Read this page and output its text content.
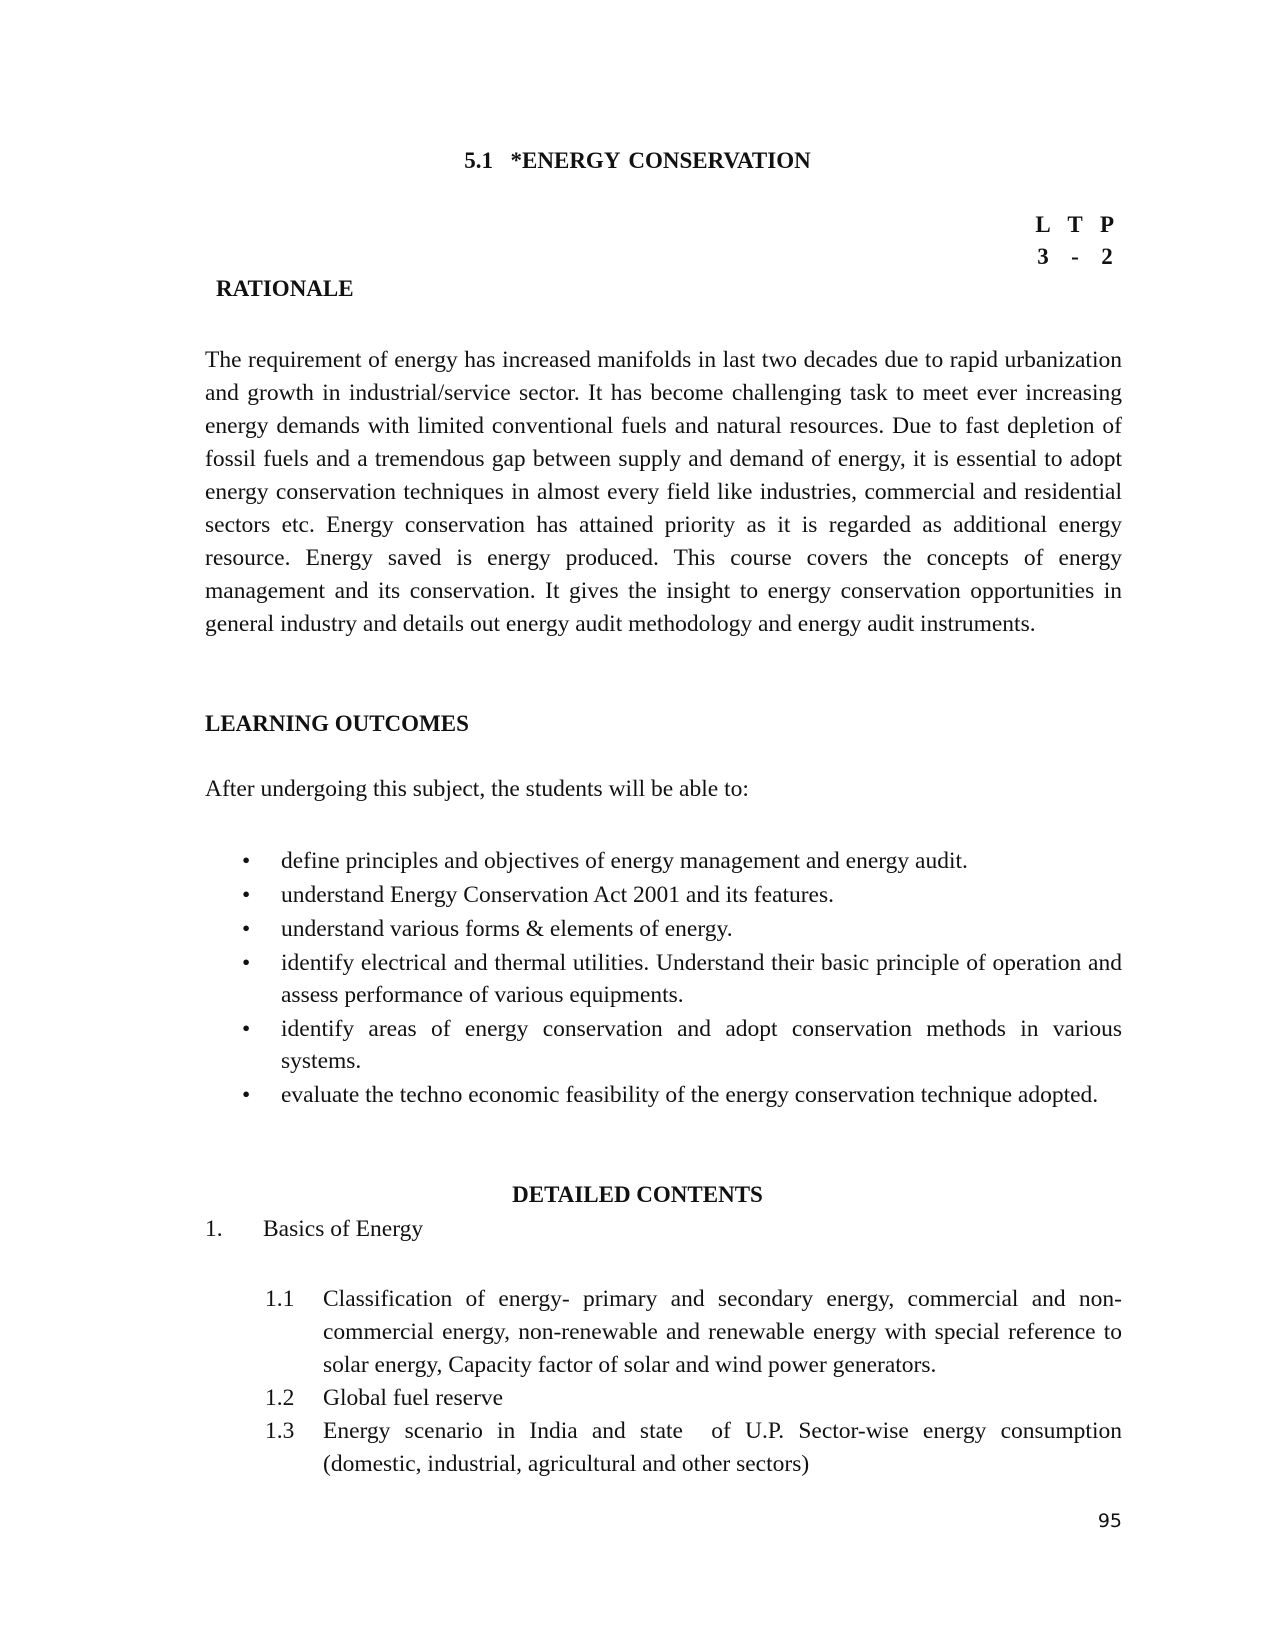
5.1  *ENERGY CONSERVATION
L T P
3 - 2
RATIONALE

The requirement of energy has increased manifolds in last two decades due to rapid urbanization and growth in industrial/service sector. It has become challenging task to meet ever increasing energy demands with limited conventional fuels and natural resources. Due to fast depletion of fossil fuels and a tremendous gap between supply and demand of energy, it is essential to adopt energy conservation techniques in almost every field like industries, commercial and residential sectors etc. Energy conservation has attained priority as it is regarded as additional energy resource. Energy saved is energy produced. This course covers the concepts of energy management and its conservation. It gives the insight to energy conservation opportunities in general industry and details out energy audit methodology and energy audit instruments.

LEARNING OUTCOMES
After undergoing this subject, the students will be able to:
• define principles and objectives of energy management and energy audit.
• understand Energy Conservation Act 2001 and its features.
• understand various forms & elements of energy.
• identify electrical and thermal utilities. Understand their basic principle of operation and assess performance of various equipments.
• identify areas of energy conservation and adopt conservation methods in various systems.
• evaluate the techno economic feasibility of the energy conservation technique adopted.
DETAILED CONTENTS
1. Basics of Energy
1.1 Classification of energy- primary and secondary energy, commercial and non-commercial energy, non-renewable and renewable energy with special reference to solar energy, Capacity factor of solar and wind power generators.
1.2 Global fuel reserve
1.3 Energy scenario in India and state  of U.P. Sector-wise energy consumption (domestic, industrial, agricultural and other sectors)
95
